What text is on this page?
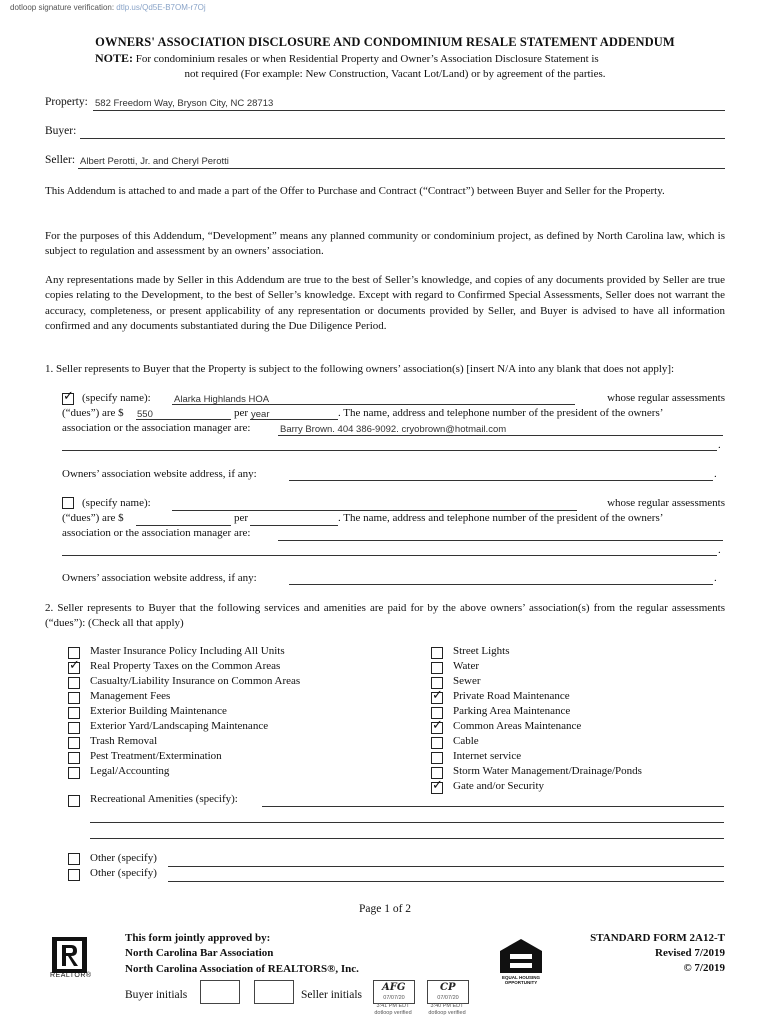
dotloop signature verification: dtlp.us/Qd5E-B7OM-r7Oj
OWNERS' ASSOCIATION DISCLOSURE AND CONDOMINIUM RESALE STATEMENT ADDENDUM
NOTE: For condominium resales or when Residential Property and Owner’s Association Disclosure Statement is
not required (For example: New Construction, Vacant Lot/Land) or by agreement of the parties.
Property: 582 Freedom Way, Bryson City, NC 28713
Buyer:
Seller: Albert Perotti, Jr. and Cheryl Perotti
This Addendum is attached to and made a part of the Offer to Purchase and Contract (“Contract”) between Buyer and Seller for the Property.
For the purposes of this Addendum, “Development” means any planned community or condominium project, as defined by North Carolina law, which is subject to regulation and assessment by an owners’ association.
Any representations made by Seller in this Addendum are true to the best of Seller’s knowledge, and copies of any documents provided by Seller are true copies relating to the Development, to the best of Seller’s knowledge. Except with regard to Confirmed Special Assessments, Seller does not warrant the accuracy, completeness, or present applicability of any representation or documents provided by Seller, and Buyer is advised to have all information confirmed and any documents substantiated during the Due Diligence Period.
1. Seller represents to Buyer that the Property is subject to the following owners’ association(s) [insert N/A into any blank that does not apply]:
✓
(specify name): Alarka Highlands HOA	whose regular assessments
(“dues”) are $ 550	per year	. The name, address and telephone number of the president of the owners’
association or the association manager are:	Barry Brown. 404 386-9092. cryobrown@hotmail.com
.
Owners’ association website address, if any:	.
(specify name):	whose regular assessments
(“dues”) are $	per	. The name, address and telephone number of the president of the owners’
association or the association manager are:
.
Owners’ association website address, if any:	.
2. Seller represents to Buyer that the following services and amenities are paid for by the above owners’ association(s) from the regular assessments (“dues”): (Check all that apply)
Master Insurance Policy Including All Units
✓
Real Property Taxes on the Common Areas
Casualty/Liability Insurance on Common Areas
Management Fees
Exterior Building Maintenance
Exterior Yard/Landscaping Maintenance
Trash Removal
Pest Treatment/Extermination
Legal/Accounting
Street Lights
Water
Sewer
✓
Private Road Maintenance
Parking Area Maintenance
✓
Common Areas Maintenance
Cable
Internet service
Storm Water Management/Drainage/Ponds
✓
Gate and/or Security
Recreational Amenities (specify):
Other (specify)
Other (specify)
Page 1 of 2
REALTOR®
This form jointly approved by:
North Carolina Bar Association
North Carolina Association of REALTORS®, Inc.
EQUAL HOUSING OPPORTUNITY
STANDARD FORM 2A12-T
Revised 7/2019
© 7/2019
Buyer initials	Seller initials
AFG
07/07/20
3:41 PM EDT
dotloop verified
CP
07/07/20
3:40 PM EDT
dotloop verified
